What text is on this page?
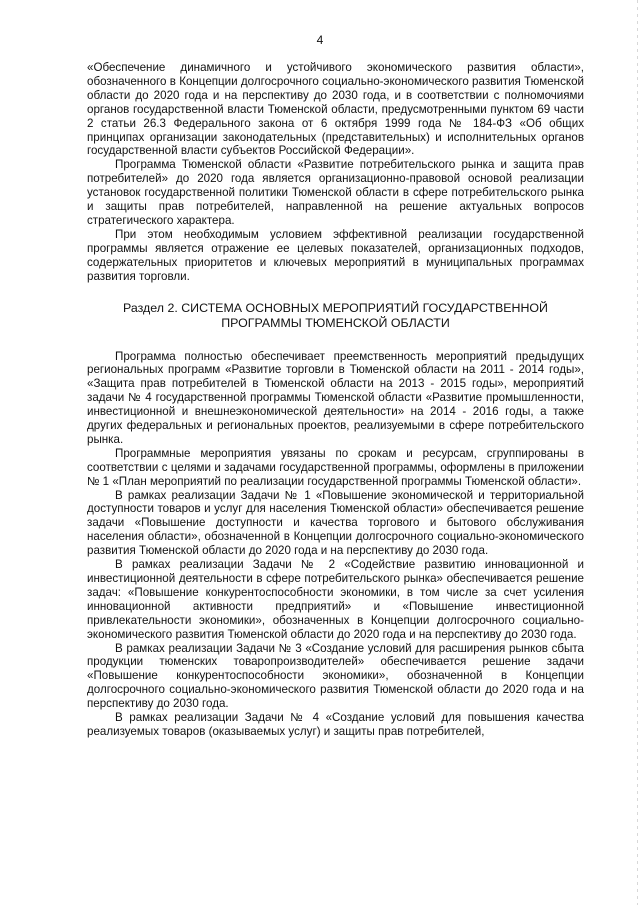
4

«Обеспечение динамичного и устойчивого экономического развития области», обозначенного в Концепции долгосрочного социально-экономического развития Тюменской области до 2020 года и на перспективу до 2030 года, и в соответствии с полномочиями органов государственной власти Тюменской области, предусмотренными пунктом 69 части 2 статьи 26.3 Федерального закона от 6 октября 1999 года № 184-ФЗ «Об общих принципах организации законодательных (представительных) и исполнительных органов государственной власти субъектов Российской Федерации».

Программа Тюменской области «Развитие потребительского рынка и защита прав потребителей» до 2020 года является организационно-правовой основой реализации установок государственной политики Тюменской области в сфере потребительского рынка и защиты прав потребителей, направленной на решение актуальных вопросов стратегического характера.

При этом необходимым условием эффективной реализации государственной программы является отражение ее целевых показателей, организационных подходов, содержательных приоритетов и ключевых мероприятий в муниципальных программах развития торговли.

Раздел 2. СИСТЕМА ОСНОВНЫХ МЕРОПРИЯТИЙ ГОСУДАРСТВЕННОЙ
ПРОГРАММЫ ТЮМЕНСКОЙ ОБЛАСТИ

Программа полностью обеспечивает преемственность мероприятий предыдущих региональных программ «Развитие торговли в Тюменской области на 2011 - 2014 годы», «Защита прав потребителей в Тюменской области на 2013 - 2015 годы», мероприятий задачи № 4 государственной программы Тюменской области «Развитие промышленности, инвестиционной и внешнеэкономической деятельности» на 2014 - 2016 годы, а также других федеральных и региональных проектов, реализуемыми в сфере потребительского рынка.

Программные мероприятия увязаны по срокам и ресурсам, сгруппированы в соответствии с целями и задачами государственной программы, оформлены в приложении № 1 «План мероприятий по реализации государственной программы Тюменской области».

В рамках реализации Задачи № 1 «Повышение экономической и территориальной доступности товаров и услуг для населения Тюменской области» обеспечивается решение задачи «Повышение доступности и качества торгового и бытового обслуживания населения области», обозначенной в Концепции долгосрочного социально-экономического развития Тюменской области до 2020 года и на перспективу до 2030 года.

В рамках реализации Задачи № 2 «Содействие развитию инновационной и инвестиционной деятельности в сфере потребительского рынка» обеспечивается решение задач: «Повышение конкурентоспособности экономики, в том числе за счет усиления инновационной активности предприятий» и «Повышение инвестиционной привлекательности экономики», обозначенных в Концепции долгосрочного социально-экономического развития Тюменской области до 2020 года и на перспективу до 2030 года.

В рамках реализации Задачи № 3 «Создание условий для расширения рынков сбыта продукции тюменских товаропроизводителей» обеспечивается решение задачи «Повышение конкурентоспособности экономики», обозначенной в Концепции долгосрочного социально-экономического развития Тюменской области до 2020 года и на перспективу до 2030 года.

В рамках реализации Задачи № 4 «Создание условий для повышения качества реализуемых товаров (оказываемых услуг) и защиты прав потребителей,
